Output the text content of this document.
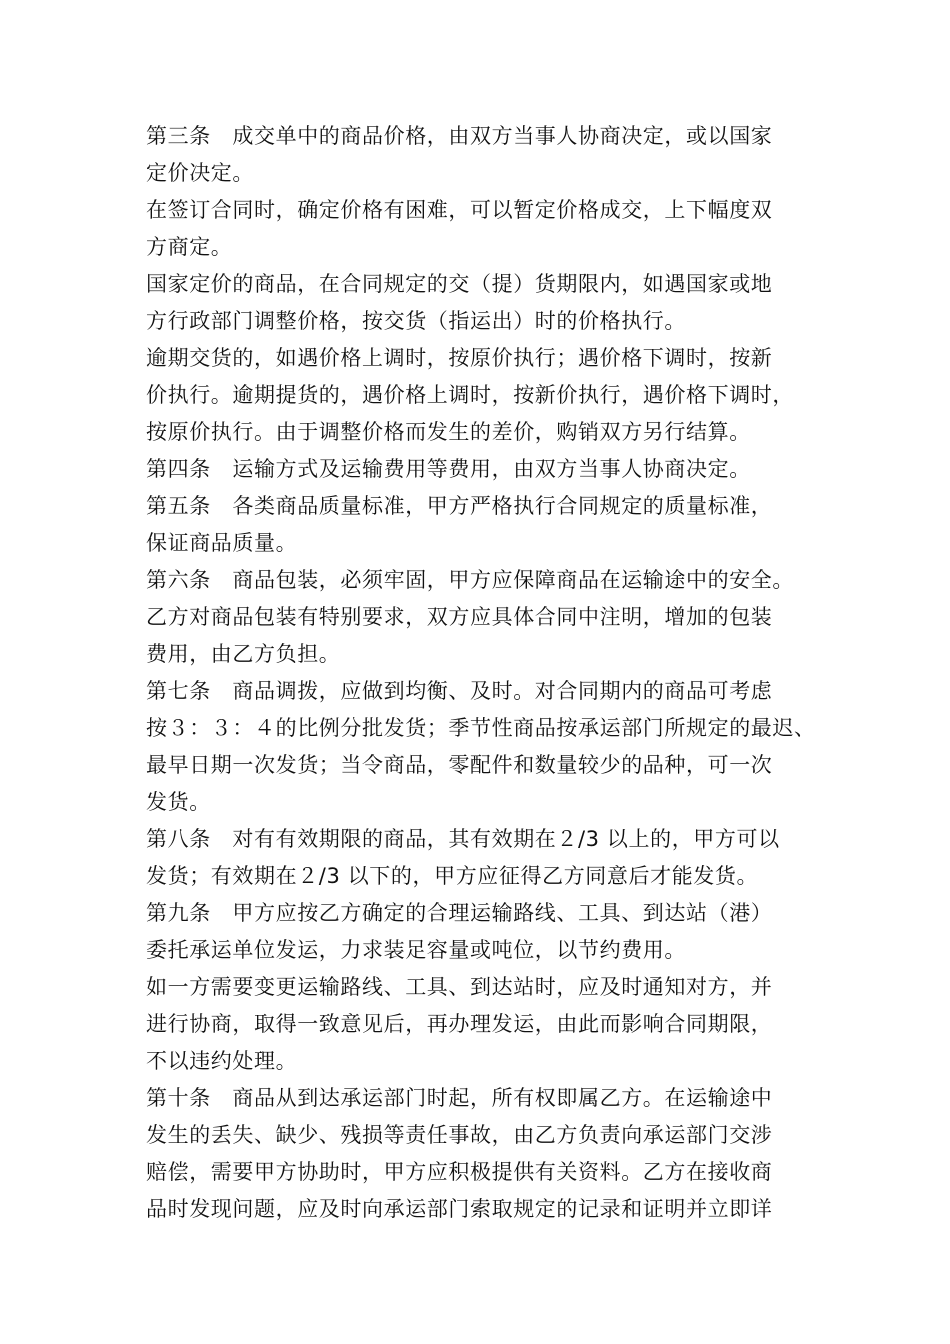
第三条　成交单中的商品价格，由双方当事人协商决定，或以国家
定价决定。
在签订合同时，确定价格有困难，可以暂定价格成交，上下幅度双
方商定。
国家定价的商品，在合同规定的交（提）货期限内，如遇国家或地
方行政部门调整价格，按交货（指运出）时的价格执行。
逾期交货的，如遇价格上调时，按原价执行；遇价格下调时，按新
价执行。逾期提货的，遇价格上调时，按新价执行，遇价格下调时，
按原价执行。由于调整价格而发生的差价，购销双方另行结算。
第四条　运输方式及运输费用等费用，由双方当事人协商决定。
第五条　各类商品质量标准，甲方严格执行合同规定的质量标准，
保证商品质量。
第六条　商品包装，必须牢固，甲方应保障商品在运输途中的安全。
乙方对商品包装有特别要求，双方应具体合同中注明，增加的包装
费用，由乙方负担。
第七条　商品调拨，应做到均衡、及时。对合同期内的商品可考虑
按３：３：４的比例分批发货；季节性商品按承运部门所规定的最迟、
最早日期一次发货；当令商品，零配件和数量较少的品种，可一次
发货。
第八条　对有有效期限的商品，其有效期在２/3 以上的，甲方可以
发货；有效期在２/3 以下的，甲方应征得乙方同意后才能发货。
第九条　甲方应按乙方确定的合理运输路线、工具、到达站（港）
委托承运单位发运，力求装足容量或吨位，以节约费用。
如一方需要变更运输路线、工具、到达站时，应及时通知对方，并
进行协商，取得一致意见后，再办理发运，由此而影响合同期限，
不以违约处理。
第十条　商品从到达承运部门时起，所有权即属乙方。在运输途中
发生的丢失、缺少、残损等责任事故，由乙方负责向承运部门交涉
赔偿，需要甲方协助时，甲方应积极提供有关资料。乙方在接收商
品时发现问题，应及时向承运部门索取规定的记录和证明并立即详
